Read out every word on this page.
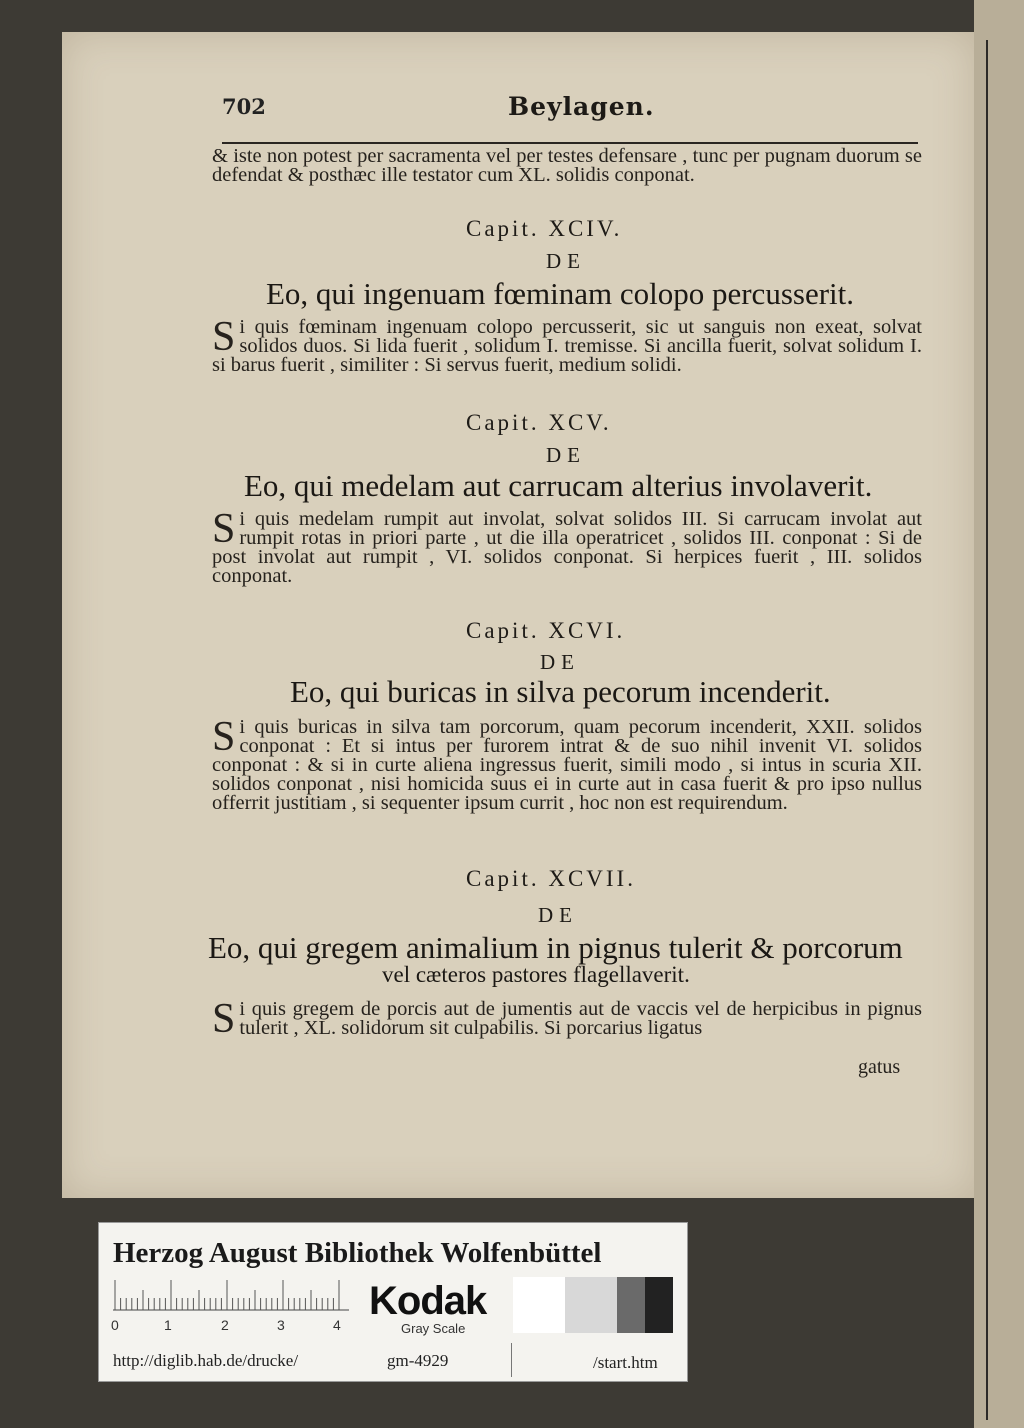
702	Beylagen.
& iste non potest per sacramenta vel per testes defensare , tunc per pugnam duorum se defendat & posthæc ille testator cum XL. solidis conponat.
Capit. XCIV.
DE
Eo, qui ingenuam fœminam colopo percusserit.
S i quis fœminam ingenuam colopo percusserit, sic ut sanguis non exeat, solvat solidos duos. Si lida fuerit , solidum I. tremisse. Si ancilla fuerit, solvat solidum I. si barus fuerit , similiter : Si servus fuerit, medium solidi.
Capit. XCV.
DE
Eo, qui medelam aut carrucam alterius involaverit.
S i quis medelam rumpit aut involat, solvat solidos III. Si carrucam involat aut rumpit rotas in priori parte , ut die illa operatricet , solidos III. conponat : Si de post involat aut rumpit , VI. solidos conponat. Si herpices fuerit , III. solidos conponat.
Capit. XCVI.
DE
Eo, qui buricas in silva pecorum incenderit.
S i quis buricas in silva tam porcorum, quam pecorum incenderit, XXII. solidos conponat : Et si intus per furorem intrat & de suo nihil invenit VI. solidos conponat : & si in curte aliena ingressus fuerit, simili modo , si intus in scuria XII. solidos conponat , nisi homicida suus ei in curte aut in casa fuerit & pro ipso nullus offerrit justitiam , si sequenter ipsum currit , hoc non est requirendum.
Capit. XCVII.
DE
Eo, qui gregem animalium in pignus tulerit & porcorum
vel cæteros pastores flagellaverit.
S i quis gregem de porcis aut de jumentis aut de vaccis vel de herpicibus in pignus tulerit , XL. solidorum sit culpabilis. Si porcarius ligatus
gatus
Herzog August Bibliothek Wolfenbüttel
0	1	2	3	4
Kodak
Gray Scale
http://diglib.hab.de/drucke/	gm-4929	/start.htm
